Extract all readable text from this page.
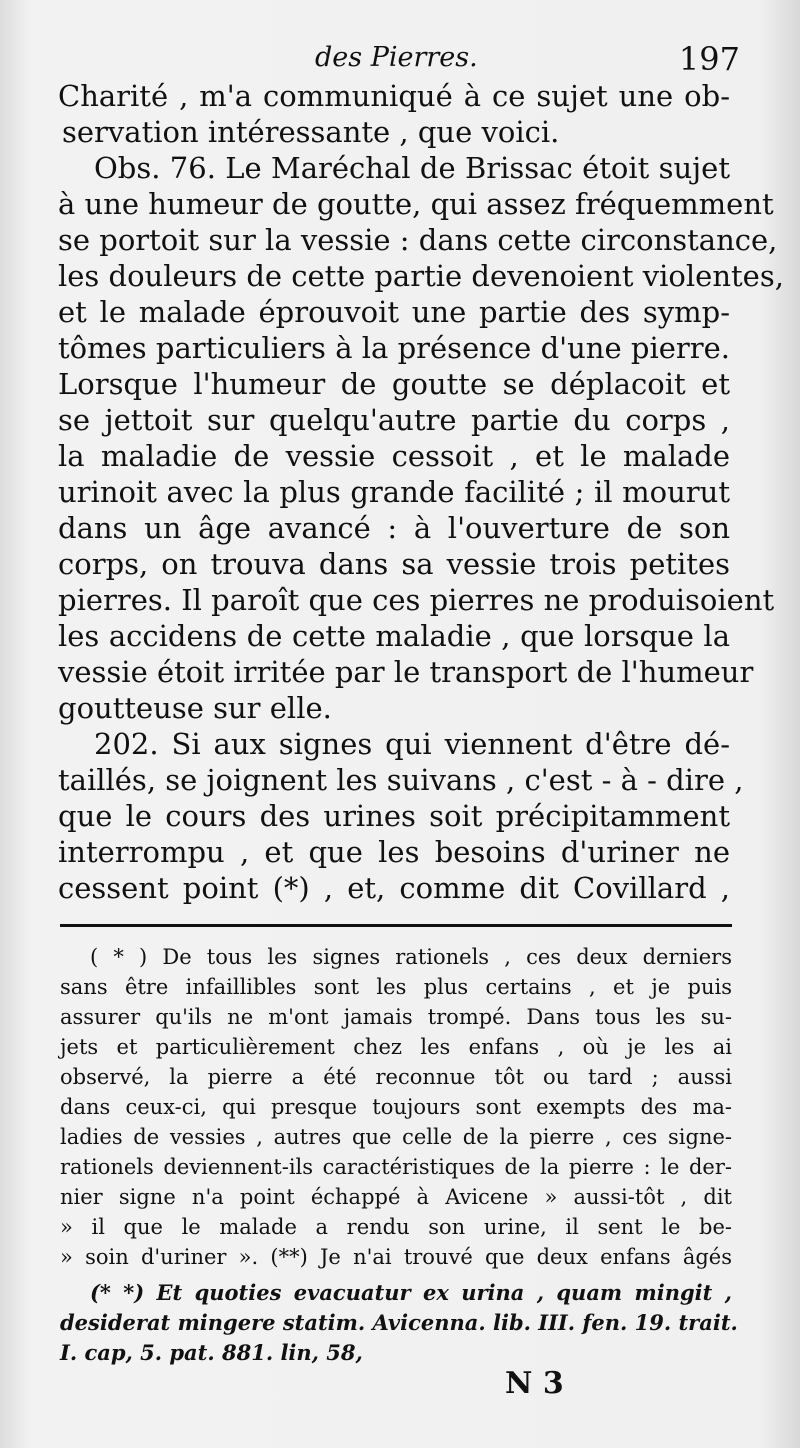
des Pierres.	197
Charité , m'a communiqué à ce sujet une ob-
servation intéressante , que voici.
Obs. 76. Le Maréchal de Brissac étoit sujet
à une humeur de goutte, qui assez fréquemment
se portoit sur la vessie : dans cette circonstance,
les douleurs de cette partie devenoient violentes,
et le malade éprouvoit une partie des symp-
tômes particuliers à la présence d'une pierre.
Lorsque l'humeur de goutte se déplacoit et
se jettoit sur quelqu'autre partie du corps ,
la maladie de vessie cessoit , et le malade
urinoit avec la plus grande facilité ; il mourut
dans un âge avancé : à l'ouverture de son
corps, on trouva dans sa vessie trois petites
pierres. Il paroît que ces pierres ne produisoient
les accidens de cette maladie , que lorsque la
vessie étoit irritée par le transport de l'humeur
goutteuse sur elle.
202. Si aux signes qui viennent d'être dé-
taillés, se joignent les suivans , c'est - à - dire ,
que le cours des urines soit précipitamment
interrompu , et que les besoins d'uriner ne
cessent point (*) , et, comme dit Covillard ,
( * ) De tous les signes rationels , ces deux derniers
sans être infaillibles sont les plus certains , et je puis
assurer qu'ils ne m'ont jamais trompé. Dans tous les su-
jets et particulièrement chez les enfans , où je les ai
observé, la pierre a été reconnue tôt ou tard ; aussi
dans ceux-ci, qui presque toujours sont exempts des ma-
ladies de vessies , autres que celle de la pierre , ces signe-
rationels deviennent-ils caractéristiques de la pierre : le der-
nier signe n'a point échappé à Avicene » aussi-tôt , dit
» il que le malade a rendu son urine, il sent le be-
» soin d'uriner ». (**) Je n'ai trouvé que deux enfans âgés
(* *) Et quoties evacuatur ex urina , quam mingit ,
desiderat mingere statim. Avicenna. lib. III. fen. 19. trait.
I. cap, 5. pat. 881. lin, 58,
N 3
